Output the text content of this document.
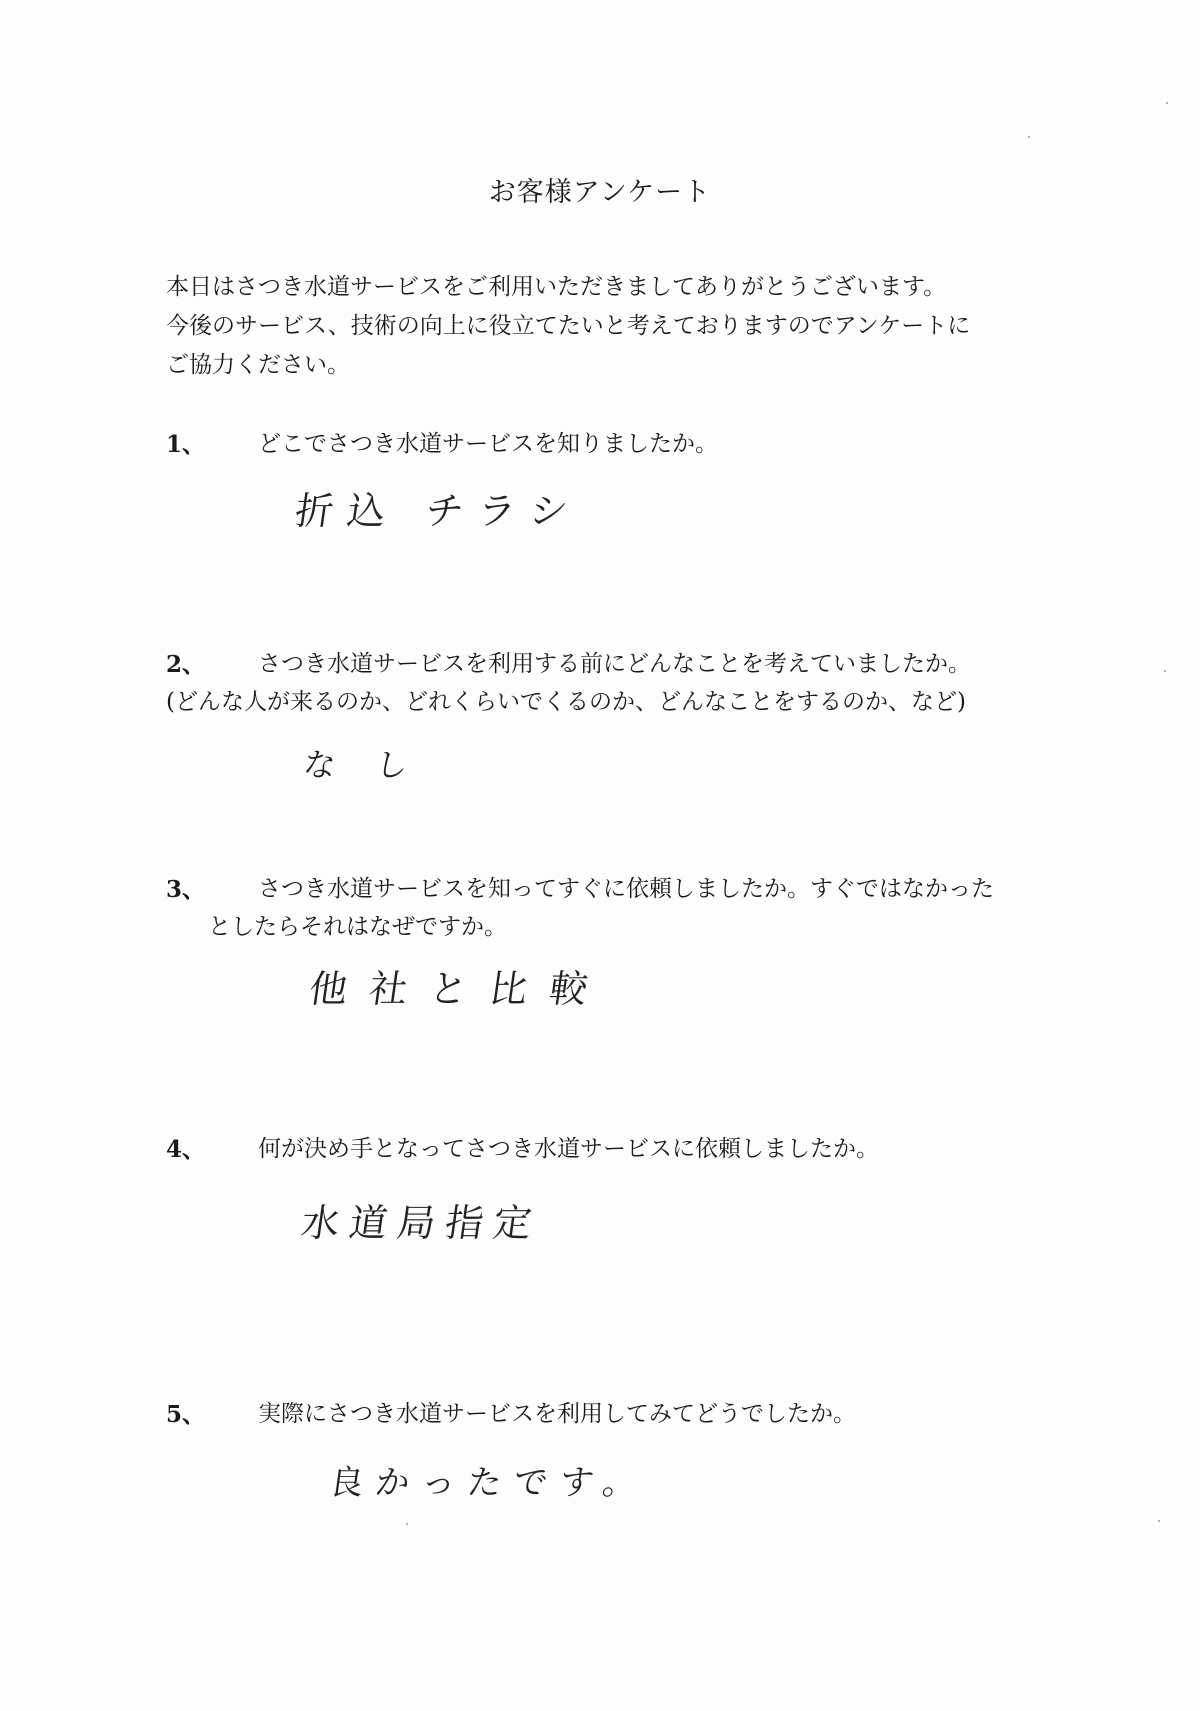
お客様アンケート
本日はさつき水道サービスをご利用いただきましてありがとうございます。
今後のサービス、技術の向上に役立てたいと考えておりますのでアンケートに
ご協力ください。
1、 どこでさつき水道サービスを知りましたか。
折込 チラシ
2、 さつき水道サービスを利用する前にどんなことを考えていましたか。
(どんな人が来るのか、どれくらいでくるのか、どんなことをするのか、など)
なし
3、 さつき水道サービスを知ってすぐに依頼しましたか。すぐではなかった
としたらそれはなぜですか。
他社と比較
4、 何が決め手となってさつき水道サービスに依頼しましたか。
水道局指定
5、 実際にさつき水道サービスを利用してみてどうでしたか。
良かったです。
